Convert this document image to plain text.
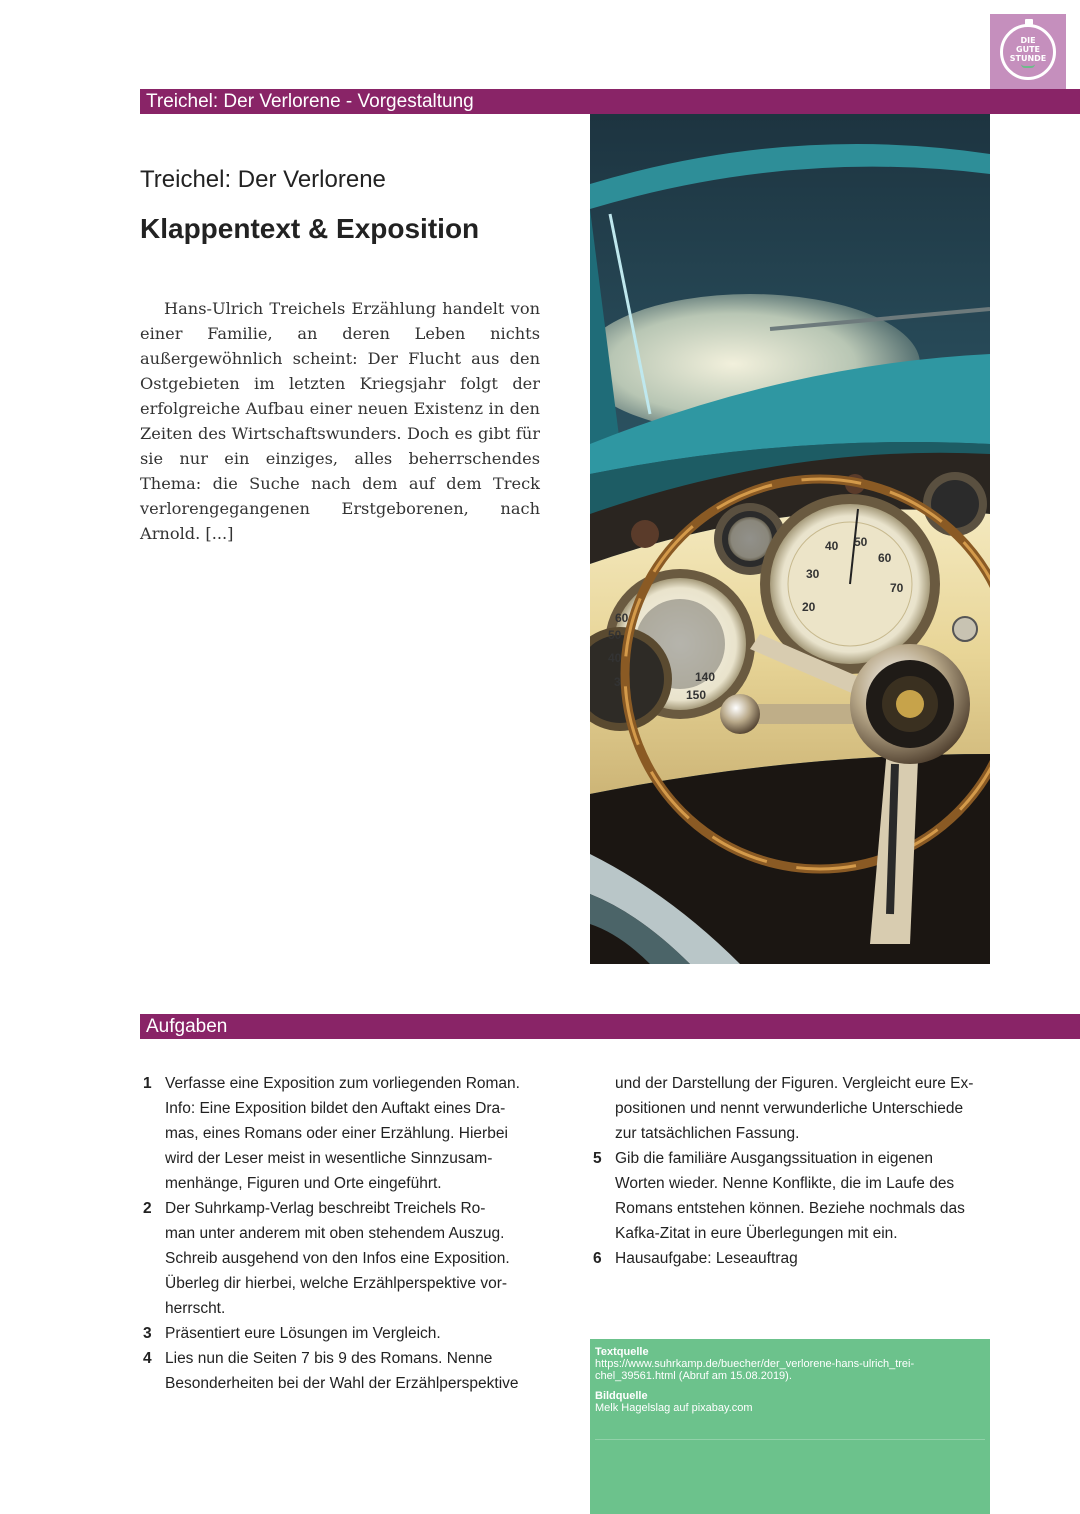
DIE
GUTE
STUNDE
Treichel: Der Verlorene - Vorgestaltung
Treichel: Der Verlorene
Klappentext & Exposition

Hans-Ulrich Treichels Erzählung handelt von einer Familie, an deren Leben nichts außergewöhnlich scheint: Der Flucht aus den Ostgebieten im letzten Kriegsjahr folgt der erfolgreiche Aufbau einer neuen Existenz in den Zeiten des Wirtschaftswunders. Doch es gibt für sie nur ein einziges, alles beherrschendes Thema: die Suche nach dem auf dem Treck verlorengegangenen Erstgeborenen, nach Arnold. [...]

60
50
40
30
40 50
60
30
70
20
140
150
Aufgaben
1 Verfasse eine Exposition zum vorliegenden Roman.
Info: Eine Exposition bildet den Auftakt eines Dra-
mas, eines Romans oder einer Erzählung. Hierbei
wird der Leser meist in wesentliche Sinnzusam-
menhänge, Figuren und Orte eingeführt.
2 Der Suhrkamp-Verlag beschreibt Treichels Ro-
man unter anderem mit oben stehendem Auszug.
Schreib ausgehend von den Infos eine Exposition.
Überleg dir hierbei, welche Erzählperspektive vor-
herrscht.
3 Präsentiert eure Lösungen im Vergleich.
4 Lies nun die Seiten 7 bis 9 des Romans. Nenne
Besonderheiten bei der Wahl der Erzählperspektive
und der Darstellung der Figuren. Vergleicht eure Ex-
positionen und nennt verwunderliche Unterschiede
zur tatsächlichen Fassung.
5 Gib die familiäre Ausgangssituation in eigenen
Worten wieder. Nenne Konflikte, die im Laufe des
Romans entstehen können. Beziehe nochmals das
Kafka-Zitat in eure Überlegungen mit ein.
6 Hausaufgabe: Leseauftrag
Textquelle
https://www.suhrkamp.de/buecher/der_verlorene-hans-ulrich_trei-
chel_39561.html (Abruf am 15.08.2019).
Bildquelle
Melk Hagelslag auf pixabay.com
